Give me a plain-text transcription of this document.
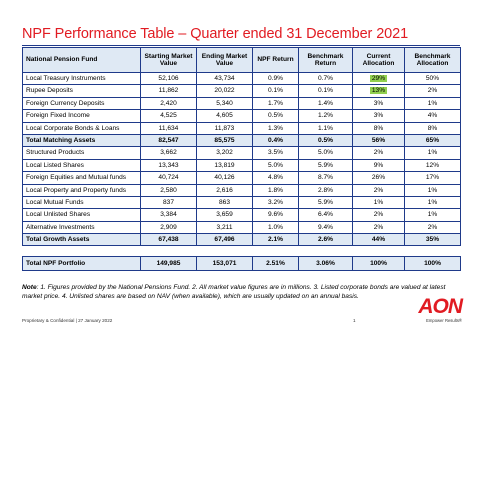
NPF Performance Table – Quarter ended 31 December 2021
National Pension Fund	Starting Market Value	Ending Market Value	NPF Return	Benchmark Return	Current Allocation	Benchmark Allocation
Local Treasury Instruments	52,106	43,734	0.9%	0.7%	29%	50%
Rupee Deposits	11,862	20,022	0.1%	0.1%	13%	2%
Foreign Currency Deposits	2,420	5,340	1.7%	1.4%	3%	1%
Foreign Fixed Income	4,525	4,605	0.5%	1.2%	3%	4%
Local Corporate Bonds & Loans	11,634	11,873	1.3%	1.1%	8%	8%
Total Matching Assets	82,547	85,575	0.4%	0.5%	56%	65%
Structured Products	3,662	3,202	3.5%	5.0%	2%	1%
Local Listed Shares	13,343	13,819	5.0%	5.9%	9%	12%
Foreign Equities and Mutual funds	40,724	40,126	4.8%	8.7%	26%	17%
Local Property and Property funds	2,580	2,616	1.8%	2.8%	2%	1%
Local Mutual Funds	837	863	3.2%	5.9%	1%	1%
Local Unlisted Shares	3,384	3,659	9.6%	6.4%	2%	1%
Alternative Investments	2,909	3,211	1.0%	9.4%	2%	2%
Total Growth Assets	67,438	67,496	2.1%	2.6%	44%	35%

Total NPF Portfolio	149,985	153,071	2.51%	3.06%	100%	100%
Note: 1. Figures provided by the National Pensions Fund. 2. All market value figures are in millions. 3. Listed corporate bonds are valued at latest market price. 4. Unlisted shares are based on NAV (when available), which are usually updated on an annual basis.
Proprietary & Confidential | 27 January 2022	1
AON
Empower Results®
